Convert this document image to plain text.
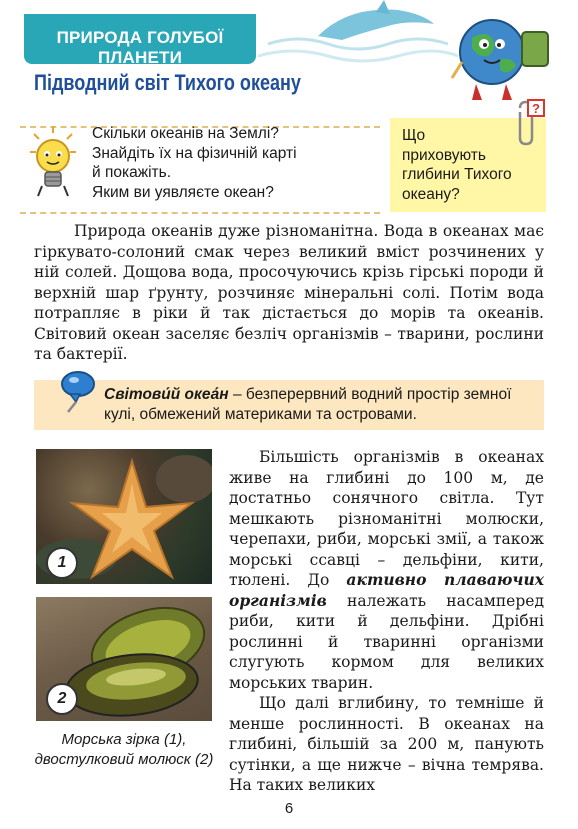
ПРИРОДА ГОЛУБОЇ ПЛАНЕТИ
Підводний світ Тихого океану
Скільки океанів на Землі?
Знайдіть їх на фізичній карті
й покажіть.
Яким ви уявляєте океан?
Що
приховують
глибини Тихого
океану?
?

Природа океанів дуже різноманітна. Вода в океанах має гіркувато-солоний смак через великий вміст розчинених у ній солей. Дощова вода, просочуючись крізь гірські породи й верхній шар ґрунту, розчиняє мінеральні солі. Потім вода потрапляє в ріки й так дістається до морів та океанів. Світовий океан заселяє безліч організмів – тварини, рослини та бактерії.

Світови́й океа́н – безперервний водний простір земної кулі, обмежений материками та островами.
1
2
Морська зірка (1), двостулковий молюск (2)

Більшість організмів в океанах живе на глибині до 100 м, де достатньо сонячного світла. Тут мешкають різноманітні молюски, черепахи, риби, морські змії, а також морські ссавці – дельфіни, кити, тюлені. До активно плаваючих організмів належать насамперед риби, кити й дельфіни. Дрібні рослинні й тваринні організми слугують кормом для великих морських тварин.

Що далі вглибину, то темніше й менше рослинності. В океанах на глибині, більшій за 200 м, панують сутінки, а ще нижче – вічна темрява. На таких великих

6
